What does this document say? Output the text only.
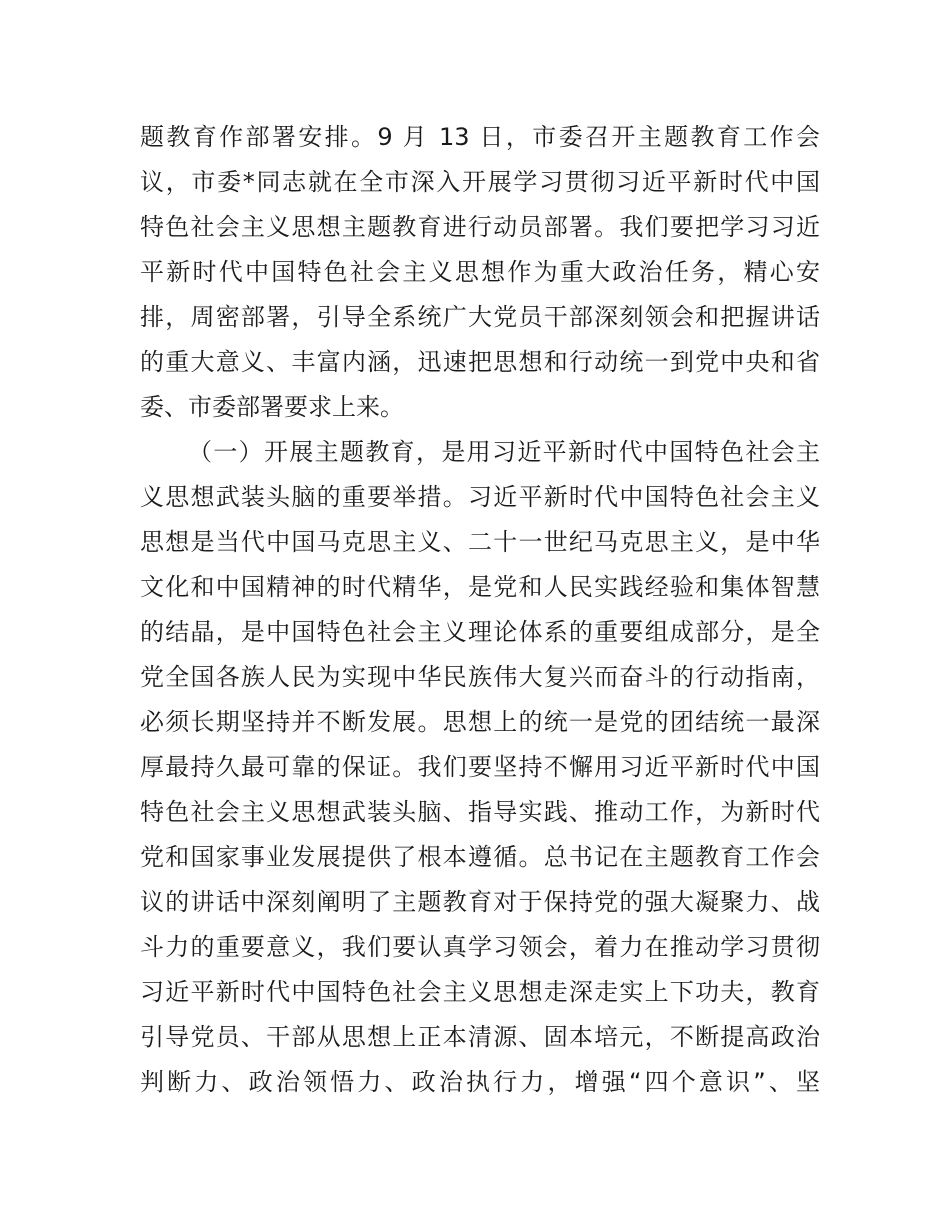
题教育作部署安排。9 月 13 日，市委召开主题教育工作会
议，市委*同志就在全市深入开展学习贯彻习近平新时代中国
特色社会主义思想主题教育进行动员部署。我们要把学习习近
平新时代中国特色社会主义思想作为重大政治任务，精心安
排，周密部署，引导全系统广大党员干部深刻领会和把握讲话
的重大意义、丰富内涵，迅速把思想和行动统一到党中央和省
委、市委部署要求上来。
（一）开展主题教育，是用习近平新时代中国特色社会主
义思想武装头脑的重要举措。习近平新时代中国特色社会主义
思想是当代中国马克思主义、二十一世纪马克思主义，是中华
文化和中国精神的时代精华，是党和人民实践经验和集体智慧
的结晶，是中国特色社会主义理论体系的重要组成部分，是全
党全国各族人民为实现中华民族伟大复兴而奋斗的行动指南，
必须长期坚持并不断发展。思想上的统一是党的团结统一最深
厚最持久最可靠的保证。我们要坚持不懈用习近平新时代中国
特色社会主义思想武装头脑、指导实践、推动工作，为新时代
党和国家事业发展提供了根本遵循。总书记在主题教育工作会
议的讲话中深刻阐明了主题教育对于保持党的强大凝聚力、战
斗力的重要意义，我们要认真学习领会，着力在推动学习贯彻
习近平新时代中国特色社会主义思想走深走实上下功夫，教育
引导党员、干部从思想上正本清源、固本培元，不断提高政治
判断力、政治领悟力、政治执行力，增强“四个意识”、坚
